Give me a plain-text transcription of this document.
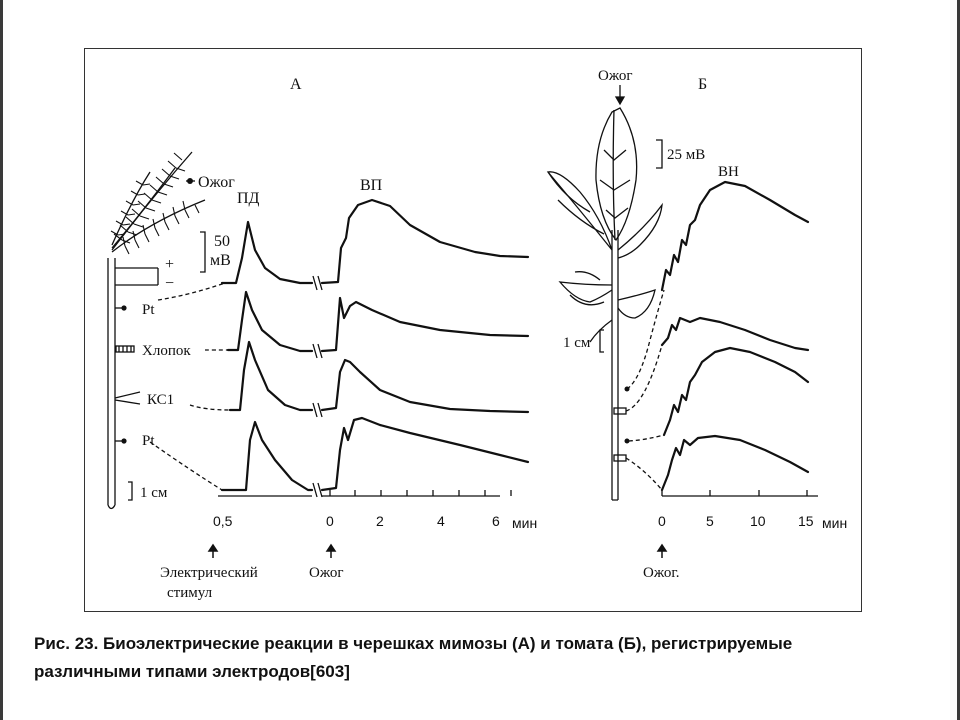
А
Ожог
ПД
ВП
50
мВ
+
−
Pt
Хлопок
КС1
Pt
1 см
0,5	0	2	4	6 мин
Электрический
стимул
Ожог
Б
Ожог
25 мВ
ВН
1 см
0	5	10 15 мин
Ожог.
Рис. 23. Биоэлектрические реакции в черешках мимозы (А) и томата (Б), регистрируемые
различными типами электродов[603]
